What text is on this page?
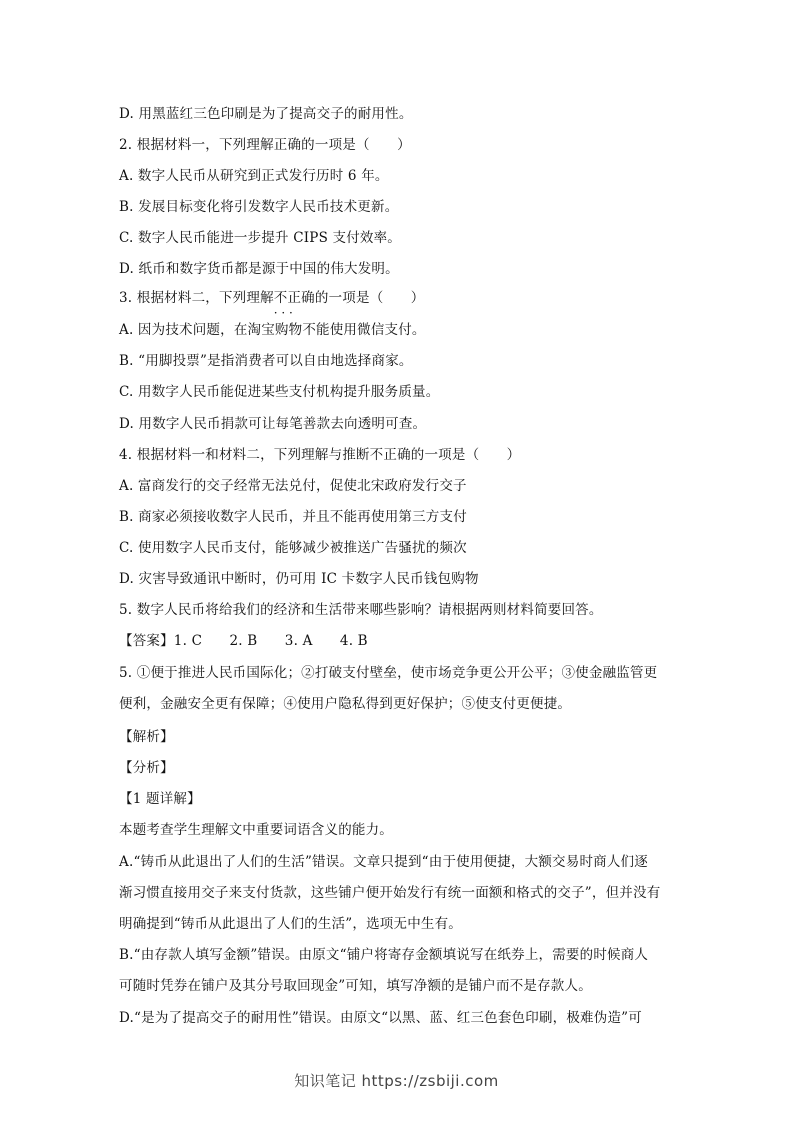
D. 用黑蓝红三色印刷是为了提高交子的耐用性。
2. 根据材料一，下列理解正确的一项是（　　）
A. 数字人民币从研究到正式发行历时 6 年。
B. 发展目标变化将引发数字人民币技术更新。
C. 数字人民币能进一步提升 CIPS 支付效率。
D. 纸币和数字货币都是源于中国的伟大发明。
3. 根据材料二，下列理解不正确 · · ·的一项是（　　）
A. 因为技术问题，在淘宝购物不能使用微信支付。
B. “用脚投票”是指消费者可以自由地选择商家。
C. 用数字人民币能促进某些支付机构提升服务质量。
D. 用数字人民币捐款可让每笔善款去向透明可查。
4. 根据材料一和材料二，下列理解与推断不正确的一项是（　　）
A. 富商发行的交子经常无法兑付，促使北宋政府发行交子
B. 商家必须接收数字人民币，并且不能再使用第三方支付
C. 使用数字人民币支付，能够减少被推送广告骚扰的频次
D. 灾害导致通讯中断时，仍可用 IC 卡数字人民币钱包购物
5. 数字人民币将给我们的经济和生活带来哪些影响？请根据两则材料简要回答。
【答案】1. C　　2. B　　3. A　　4. B
5. ①便于推进人民币国际化；②打破支付壁垒，使市场竞争更公开公平；③使金融监管更
便利，金融安全更有保障；④使用户隐私得到更好保护；⑤使支付更便捷。
【解析】
【分析】
【1 题详解】
本题考查学生理解文中重要词语含义的能力。
A.“铸币从此退出了人们的生活”错误。文章只提到“由于使用便捷，大额交易时商人们逐
渐习惯直接用交子来支付货款，这些铺户便开始发行有统一面额和格式的交子”，但并没有
明确提到“铸币从此退出了人们的生活”，选项无中生有。
B.“由存款人填写金额”错误。由原文“铺户将寄存金额填说写在纸券上，需要的时候商人
可随时凭券在铺户及其分号取回现金”可知，填写净额的是铺户而不是存款人。
D.“是为了提高交子的耐用性”错误。由原文“以黑、蓝、红三色套色印刷，极难伪造”可
知识笔记 https://zsbiji.com
